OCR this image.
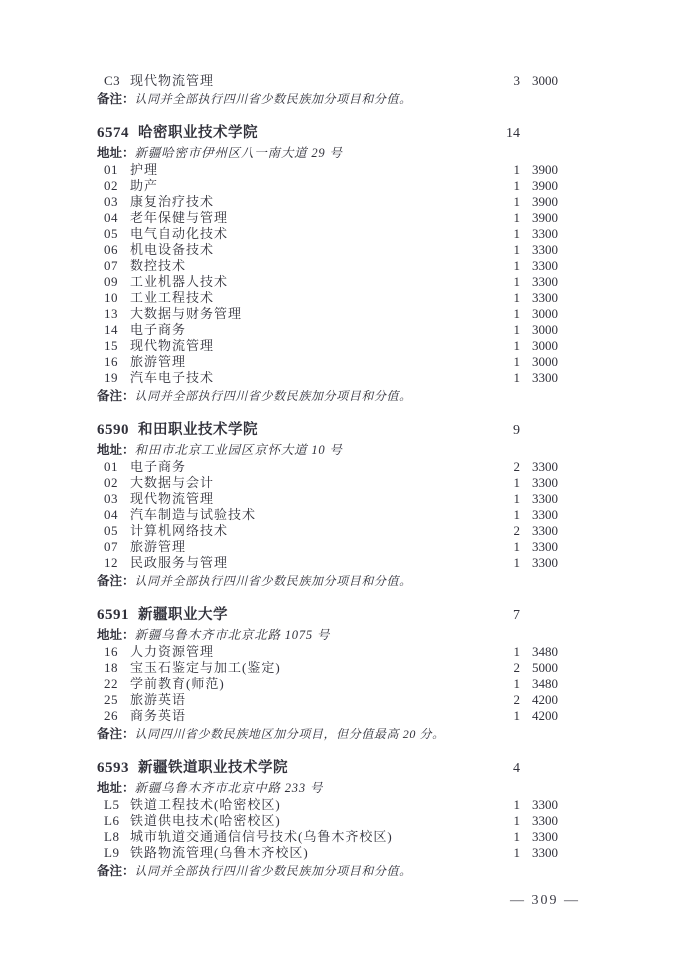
C3 现代物流管理	3 3000
备注：认同并全部执行四川省少数民族加分项目和分值。
6574 哈密职业技术学院	14
地址：新疆哈密市伊州区八一南大道 29 号
01 护理	1 3900
02 助产	1 3900
03 康复治疗技术	1 3900
04 老年保健与管理	1 3900
05 电气自动化技术	1 3300
06 机电设备技术	1 3300
07 数控技术	1 3300
09 工业机器人技术	1 3300
10 工业工程技术	1 3300
13 大数据与财务管理	1 3000
14 电子商务	1 3000
15 现代物流管理	1 3000
16 旅游管理	1 3000
19 汽车电子技术	1 3300
备注：认同并全部执行四川省少数民族加分项目和分值。
6590 和田职业技术学院	9
地址：和田市北京工业园区京怀大道 10 号
01 电子商务	2 3300
02 大数据与会计	1 3300
03 现代物流管理	1 3300
04 汽车制造与试验技术	1 3300
05 计算机网络技术	2 3300
07 旅游管理	1 3300
12 民政服务与管理	1 3300
备注：认同并全部执行四川省少数民族加分项目和分值。
6591 新疆职业大学	7
地址：新疆乌鲁木齐市北京北路 1075 号
16 人力资源管理	1 3480
18 宝玉石鉴定与加工(鉴定)	2 5000
22 学前教育(师范)	1 3480
25 旅游英语	2 4200
26 商务英语	1 4200
备注：认同四川省少数民族地区加分项目，但分值最高 20 分。
6593 新疆铁道职业技术学院	4
地址：新疆乌鲁木齐市北京中路 233 号
L5 铁道工程技术(哈密校区)	1 3300
L6 铁道供电技术(哈密校区)	1 3300
L8 城市轨道交通通信信号技术(乌鲁木齐校区)	1 3300
L9 铁路物流管理(乌鲁木齐校区)	1 3300
备注：认同并全部执行四川省少数民族加分项目和分值。
— 309 —
